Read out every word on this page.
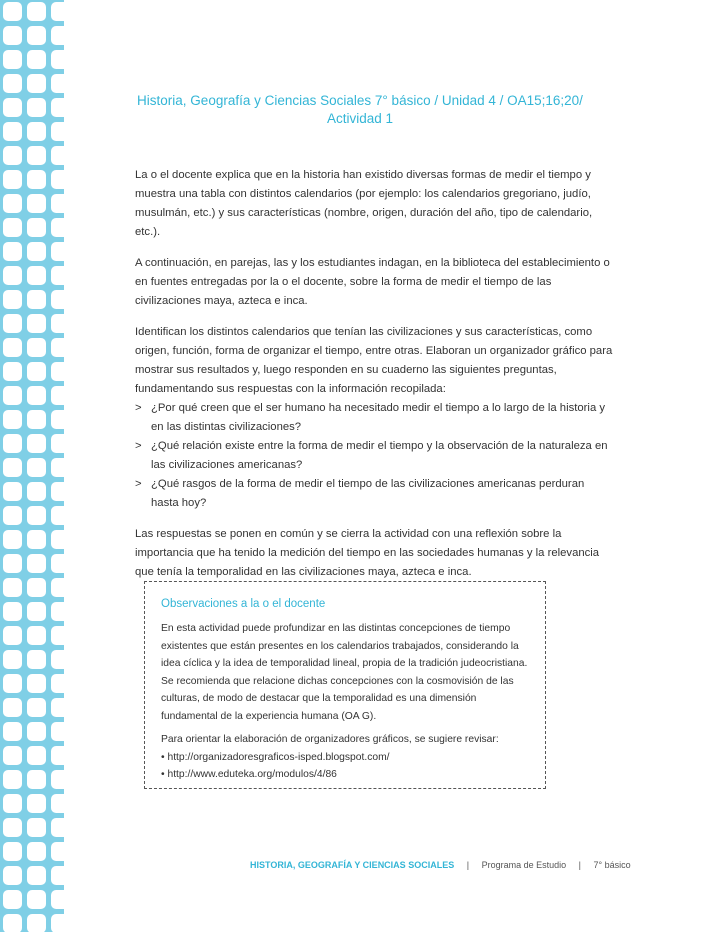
Historia, Geografía y Ciencias Sociales 7° básico / Unidad 4 / OA15;16;20/
Actividad 1

La o el docente explica que en la historia han existido diversas formas de medir el tiempo y muestra una tabla con distintos calendarios (por ejemplo: los calendarios gregoriano, judío, musulmán, etc.) y sus características (nombre, origen, duración del año, tipo de calendario, etc.).

A continuación, en parejas, las y los estudiantes indagan, en la biblioteca del establecimiento o en fuentes entregadas por la o el docente, sobre la forma de medir el tiempo de las civilizaciones maya, azteca e inca.

Identifican los distintos calendarios que tenían las civilizaciones y sus características, como origen, función, forma de organizar el tiempo, entre otras. Elaboran un organizador gráfico para mostrar sus resultados y, luego responden en su cuaderno las siguientes preguntas, fundamentando sus respuestas con la información recopilada:

> ¿Por qué creen que el ser humano ha necesitado medir el tiempo a lo largo de la historia y en las distintas civilizaciones?
> ¿Qué relación existe entre la forma de medir el tiempo y la observación de la naturaleza en las civilizaciones americanas?
> ¿Qué rasgos de la forma de medir el tiempo de las civilizaciones americanas perduran hasta hoy?

Las respuestas se ponen en común y se cierra la actividad con una reflexión sobre la importancia que ha tenido la medición del tiempo en las sociedades humanas y la relevancia que tenía la temporalidad en las civilizaciones maya, azteca e inca.

Observaciones a la o el docente

En esta actividad puede profundizar en las distintas concepciones de tiempo existentes que están presentes en los calendarios trabajados, considerando la idea cíclica y la idea de temporalidad lineal, propia de la tradición judeocristiana. Se recomienda que relacione dichas concepciones con la cosmovisión de las culturas, de modo de destacar que la temporalidad es una dimensión fundamental de la experiencia humana (OA G).

Para orientar la elaboración de organizadores gráficos, se sugiere revisar:
• http://organizadoresgraficos-isped.blogspot.com/
• http://www.eduteka.org/modulos/4/86
HISTORIA, GEOGRAFÍA Y CIENCIAS SOCIALES | Programa de Estudio | 7° básico
